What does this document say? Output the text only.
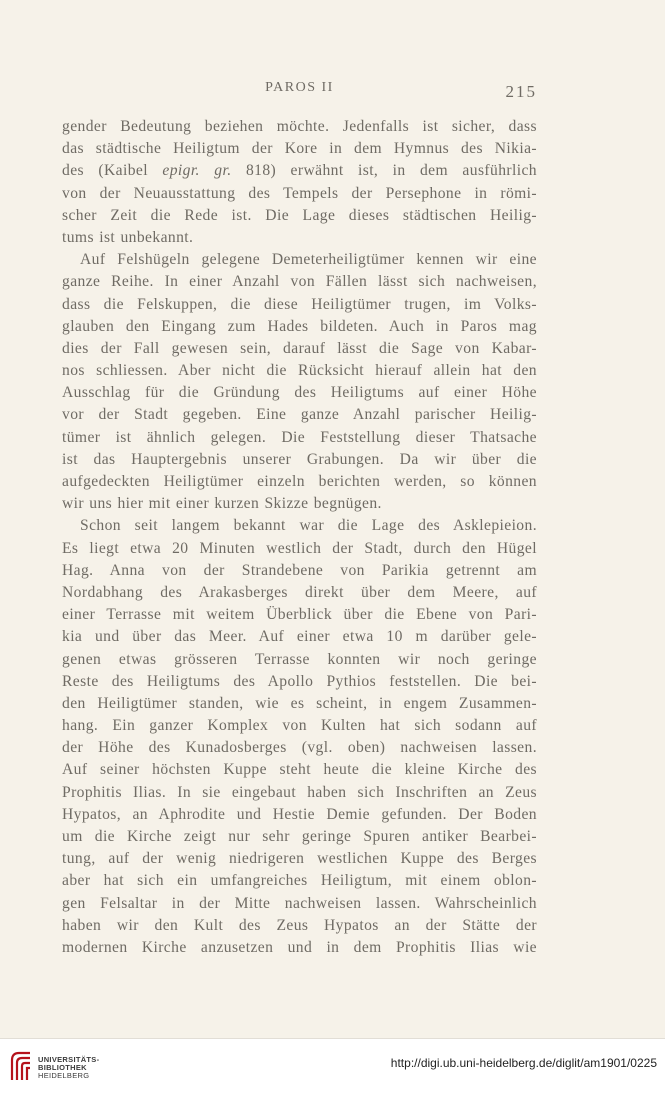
PAROS II	215
gender Bedeutung beziehen möchte. Jedenfalls ist sicher, dass
das städtische Heiligtum der Kore in dem Hymnus des Nikia-
des (Kaibel epigr. gr. 818) erwähnt ist, in dem ausführlich
von der Neuausstattung des Tempels der Persephone in römi-
scher Zeit die Rede ist. Die Lage dieses städtischen Heilig-
tums ist unbekannt.
Auf Felshügeln gelegene Demeterheiligtümer kennen wir eine
ganze Reihe. In einer Anzahl von Fällen lässt sich nachweisen,
dass die Felskuppen, die diese Heiligtümer trugen, im Volks-
glauben den Eingang zum Hades bildeten. Auch in Paros mag
dies der Fall gewesen sein, darauf lässt die Sage von Kabar-
nos schliessen. Aber nicht die Rücksicht hierauf allein hat den
Ausschlag für die Gründung des Heiligtums auf einer Höhe
vor der Stadt gegeben. Eine ganze Anzahl parischer Heilig-
tümer ist ähnlich gelegen. Die Feststellung dieser Thatsache
ist das Hauptergebnis unserer Grabungen. Da wir über die
aufgedeckten Heiligtümer einzeln berichten werden, so können
wir uns hier mit einer kurzen Skizze begnügen.
Schon seit langem bekannt war die Lage des Asklepieion.
Es liegt etwa 20 Minuten westlich der Stadt, durch den Hügel
Hag. Anna von der Strandebene von Parikia getrennt am
Nordabhang des Arakasberges direkt über dem Meere, auf
einer Terrasse mit weitem Überblick über die Ebene von Pari-
kia und über das Meer. Auf einer etwa 10 m darüber gele-
genen etwas grösseren Terrasse konnten wir noch geringe
Reste des Heiligtums des Apollo Pythios feststellen. Die bei-
den Heiligtümer standen, wie es scheint, in engem Zusammen-
hang. Ein ganzer Komplex von Kulten hat sich sodann auf
der Höhe des Kunadosberges (vgl. oben) nachweisen lassen.
Auf seiner höchsten Kuppe steht heute die kleine Kirche des
Prophitis Ilias. In sie eingebaut haben sich Inschriften an Zeus
Hypatos, an Aphrodite und Hestie Demie gefunden. Der Boden
um die Kirche zeigt nur sehr geringe Spuren antiker Bearbei-
tung, auf der wenig niedrigeren westlichen Kuppe des Berges
aber hat sich ein umfangreiches Heiligtum, mit einem oblon-
gen Felsaltar in der Mitte nachweisen lassen. Wahrscheinlich
haben wir den Kult des Zeus Hypatos an der Stätte der
modernen Kirche anzusetzen und in dem Prophitis Ilias wie
UNIVERSITÄTS-
BIBLIOTHEK
HEIDELBERG
http://digi.ub.uni-heidelberg.de/diglit/am1901/0225
